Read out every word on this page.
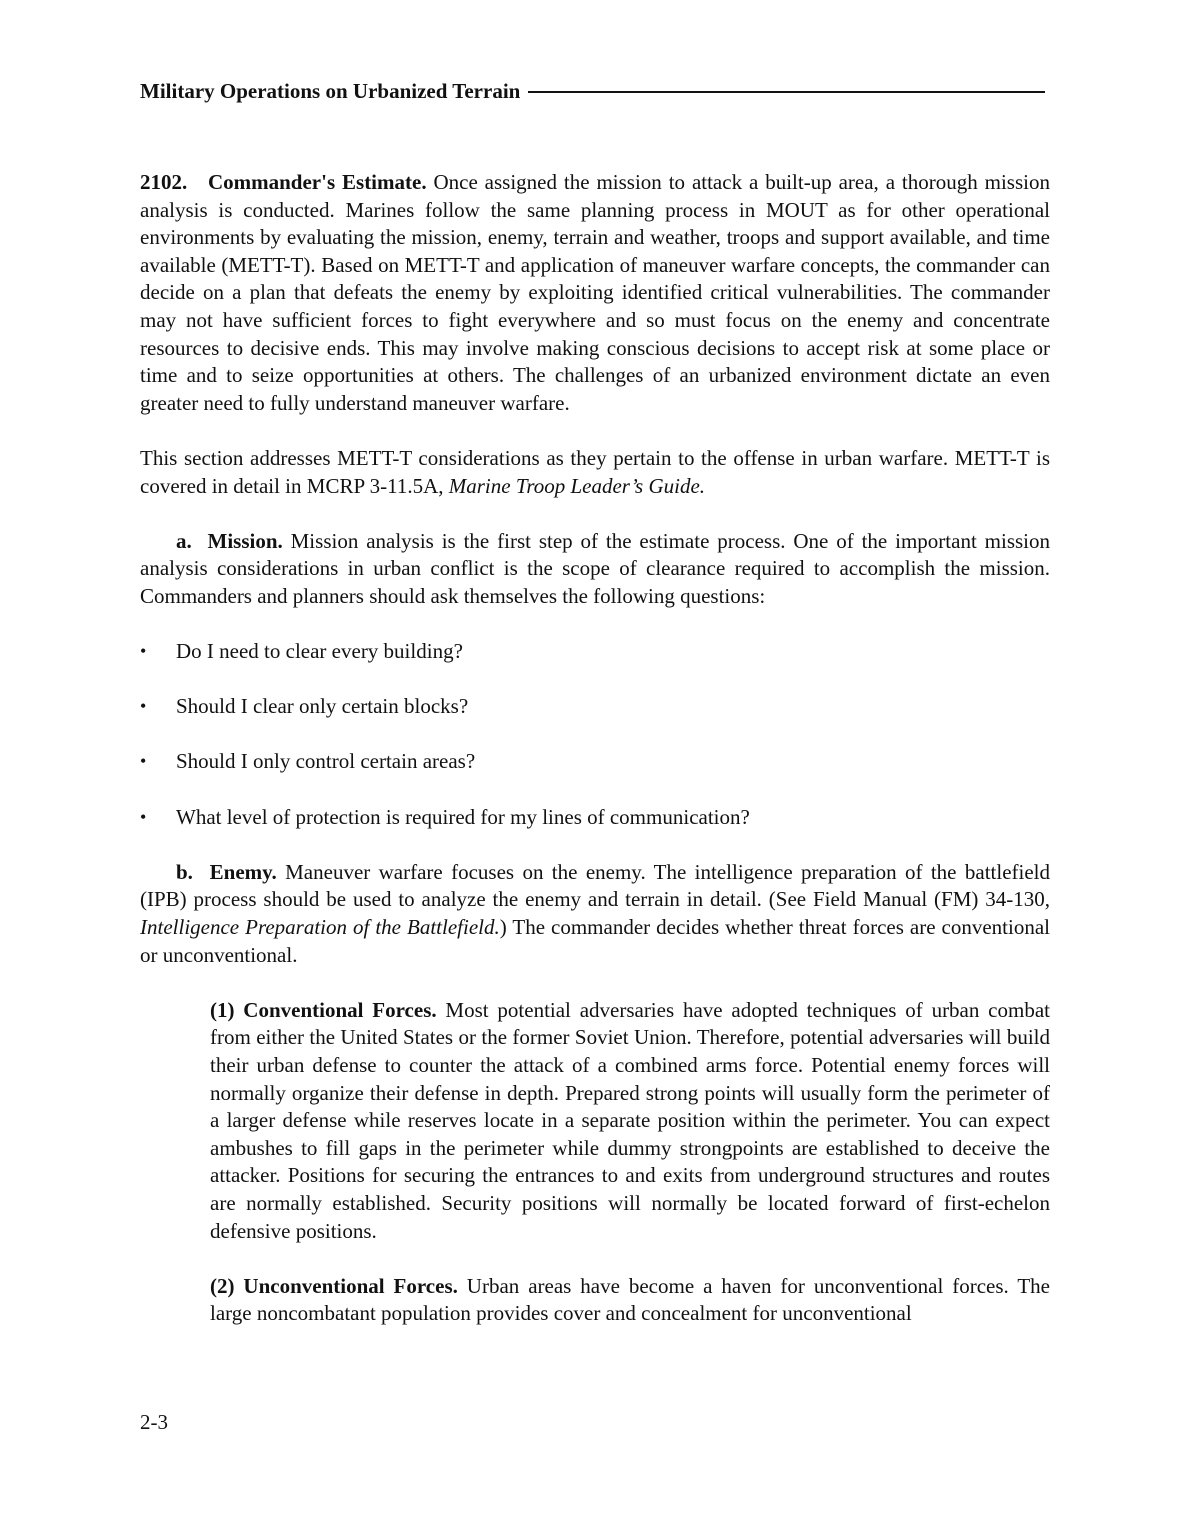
Military Operations on Urbanized Terrain

2102. Commander's Estimate. Once assigned the mission to attack a built-up area, a thorough mission analysis is conducted. Marines follow the same planning process in MOUT as for other operational environments by evaluating the mission, enemy, terrain and weather, troops and support available, and time available (METT-T). Based on METT-T and application of maneuver warfare concepts, the commander can decide on a plan that defeats the enemy by exploiting identified critical vulnerabilities. The commander may not have sufficient forces to fight everywhere and so must focus on the enemy and concentrate resources to decisive ends. This may involve making conscious decisions to accept risk at some place or time and to seize opportunities at others. The challenges of an urbanized environment dictate an even greater need to fully understand maneuver warfare.

This section addresses METT-T considerations as they pertain to the offense in urban warfare. METT-T is covered in detail in MCRP 3-11.5A, Marine Troop Leader’s Guide.

a. Mission. Mission analysis is the first step of the estimate process. One of the important mission analysis considerations in urban conflict is the scope of clearance required to accomplish the mission. Commanders and planners should ask themselves the following questions:

• Do I need to clear every building?
• Should I clear only certain blocks?
• Should I only control certain areas?
• What level of protection is required for my lines of communication?

b. Enemy. Maneuver warfare focuses on the enemy. The intelligence preparation of the battlefield (IPB) process should be used to analyze the enemy and terrain in detail. (See Field Manual (FM) 34-130, Intelligence Preparation of the Battlefield.) The commander decides whether threat forces are conventional or unconventional.

(1) Conventional Forces. Most potential adversaries have adopted techniques of urban combat from either the United States or the former Soviet Union. Therefore, potential adversaries will build their urban defense to counter the attack of a combined arms force. Potential enemy forces will normally organize their defense in depth. Prepared strong points will usually form the perimeter of a larger defense while reserves locate in a separate position within the perimeter. You can expect ambushes to fill gaps in the perimeter while dummy strongpoints are established to deceive the attacker. Positions for securing the entrances to and exits from underground structures and routes are normally established. Security positions will normally be located forward of first-echelon defensive positions.

(2) Unconventional Forces. Urban areas have become a haven for unconventional forces. The large noncombatant population provides cover and concealment for unconventional

2-3
